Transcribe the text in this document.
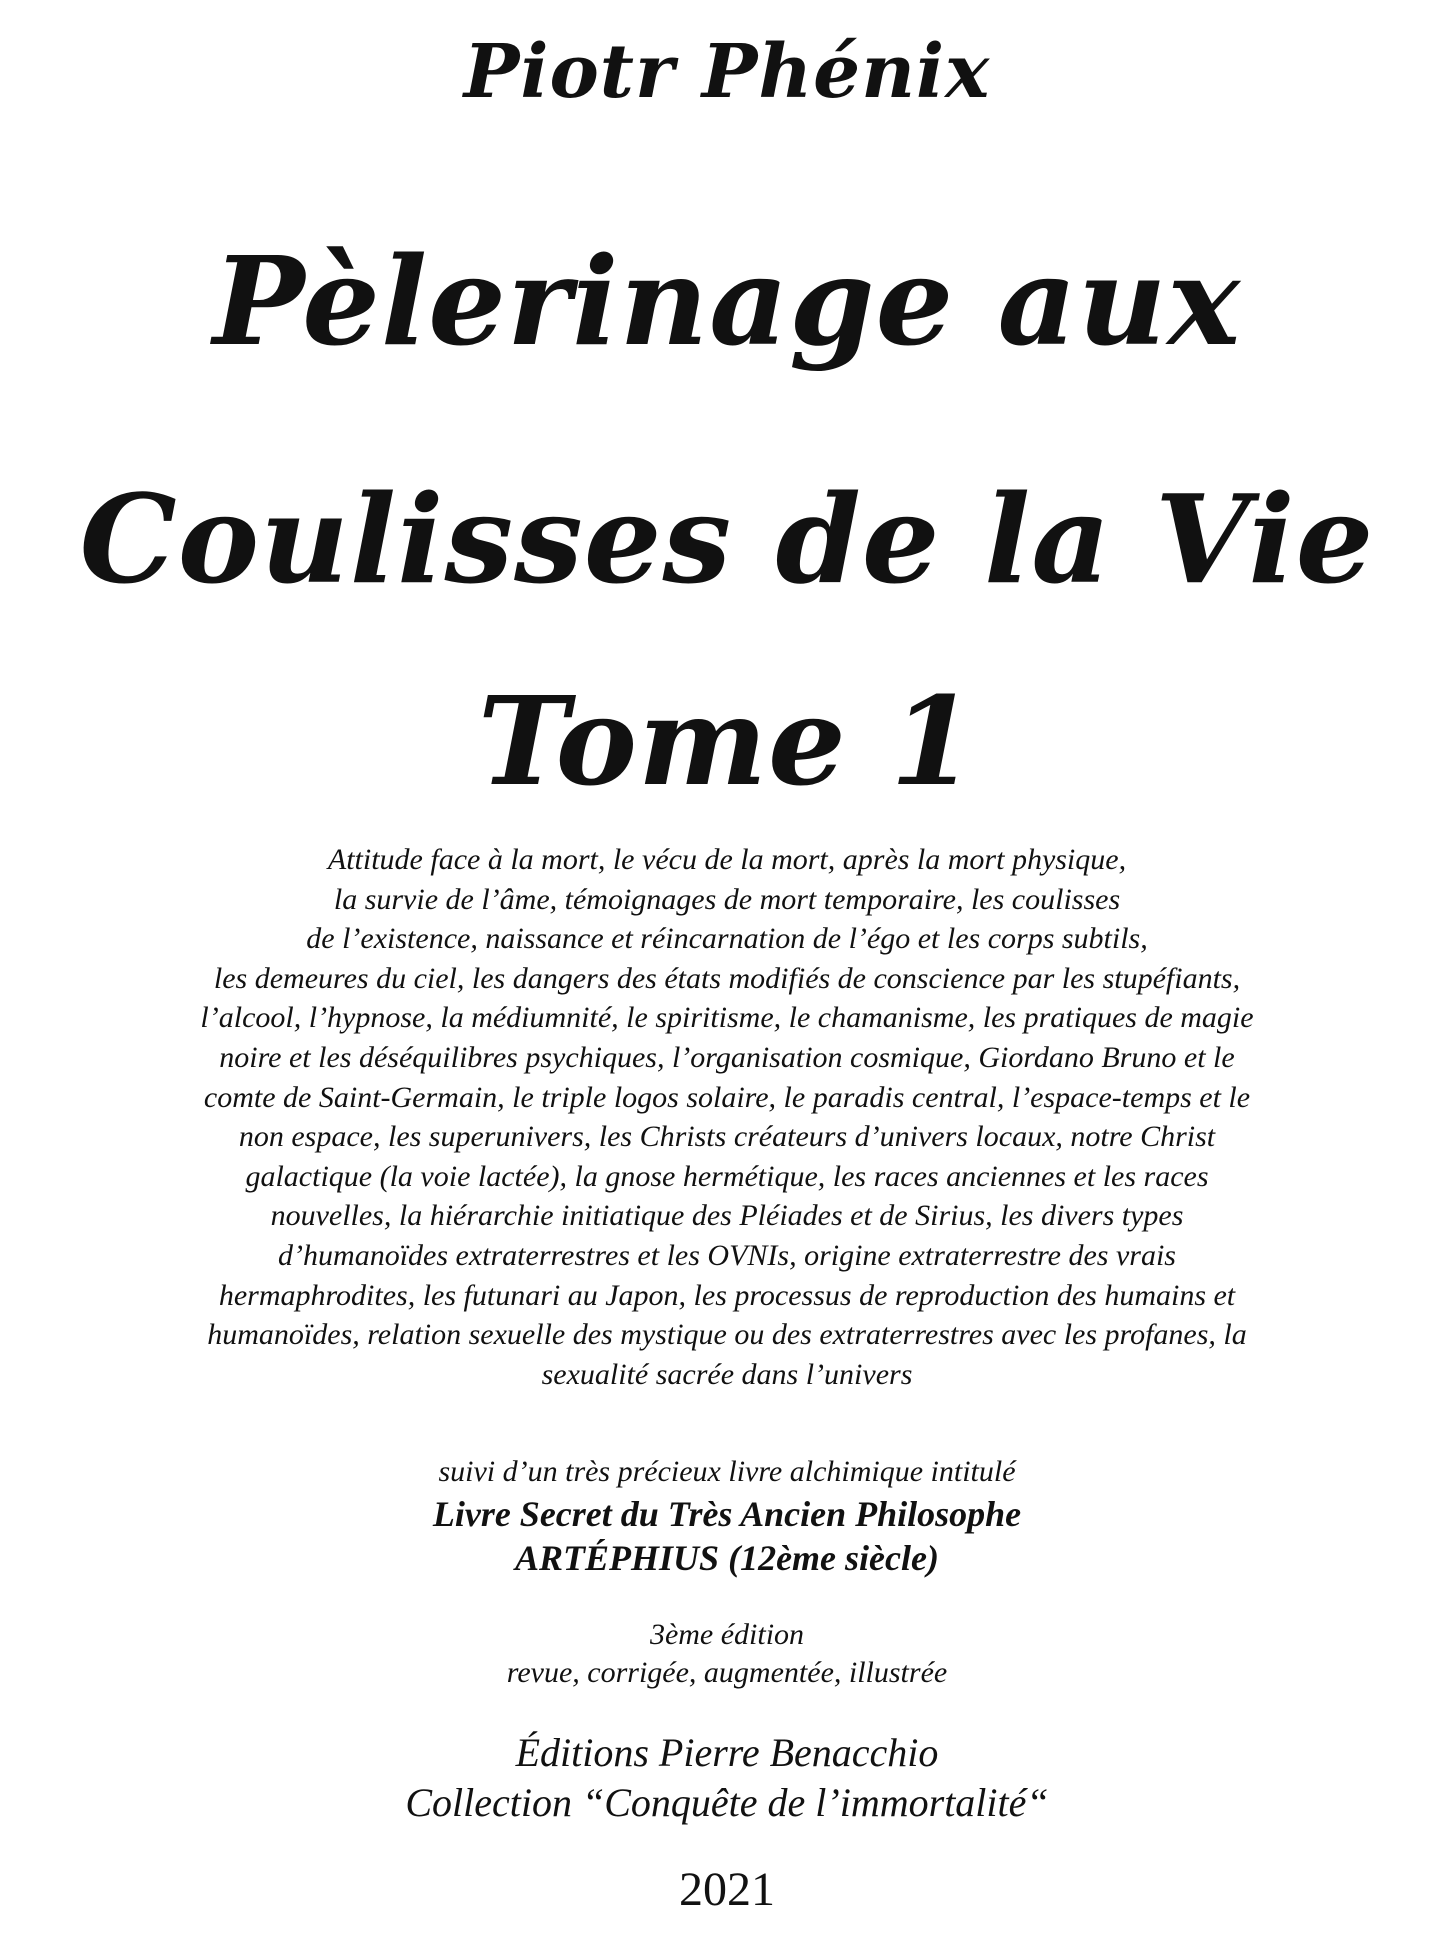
Piotr Phénix
Pèlerinage aux
Coulisses de la Vie
Tome 1

Attitude face à la mort, le vécu de la mort, après la mort physique,
la survie de l’âme, témoignages de mort temporaire, les coulisses
de l’existence, naissance et réincarnation de l’égo et les corps subtils,
les demeures du ciel, les dangers des états modifiés de conscience par les stupéfiants,
l’alcool, l’hypnose, la médiumnité, le spiritisme, le chamanisme, les pratiques de magie
noire et les déséquilibres psychiques, l’organisation cosmique, Giordano Bruno et le
comte de Saint-Germain, le triple logos solaire, le paradis central, l’espace-temps et le
non espace, les superunivers, les Christs créateurs d’univers locaux, notre Christ
galactique (la voie lactée), la gnose hermétique, les races anciennes et les races
nouvelles, la hiérarchie initiatique des Pléiades et de Sirius, les divers types
d’humanoïdes extraterrestres et les OVNIs, origine extraterrestre des vrais
hermaphrodites, les futunari au Japon, les processus de reproduction des humains et
humanoïdes, relation sexuelle des mystique ou des extraterrestres avec les profanes, la
sexualité sacrée dans l’univers

suivi d’un très précieux livre alchimique intitulé

Livre Secret du Très Ancien Philosophe

ARTÉPHIUS (12ème siècle)

3ème édition

revue, corrigée, augmentée, illustrée

Éditions Pierre Benacchio

Collection “Conquête de l’immortalité“

2021
